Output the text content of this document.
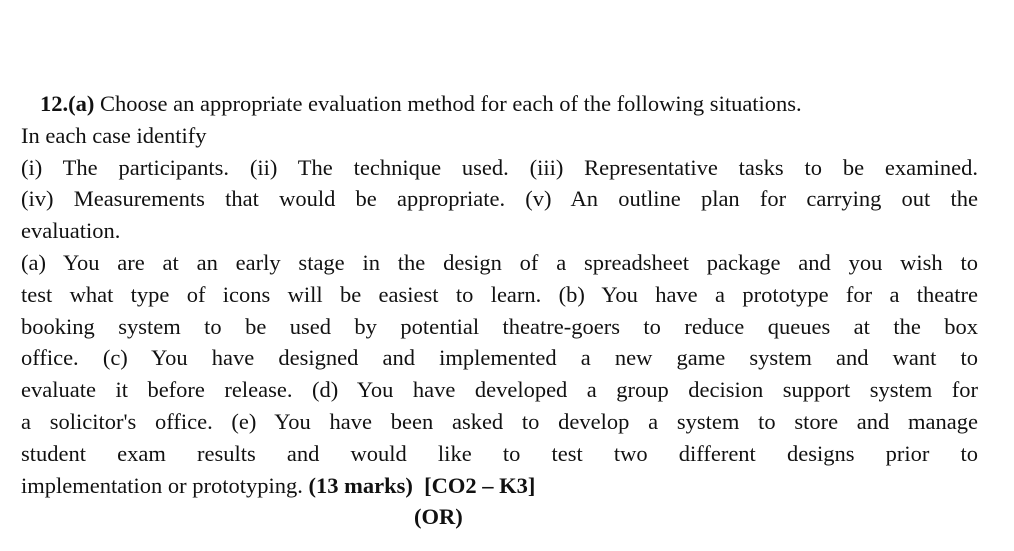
12.(a) Choose an appropriate evaluation method for each of the following situations.
In each case identify
(i) The participants. (ii) The technique used. (iii) Representative tasks to be examined.
(iv) Measurements that would be appropriate. (v) An outline plan for carrying out the
evaluation.
(a) You are at an early stage in the design of a spreadsheet package and you wish to
test what type of icons will be easiest to learn. (b) You have a prototype for a theatre
booking system to be used by potential theatre-goers to reduce queues at the box
office. (c) You have designed and implemented a new game system and want to
evaluate it before release. (d) You have developed a group decision support system for
a solicitor's office. (e) You have been asked to develop a system to store and manage
student exam results and would like to test two different designs prior to
implementation or prototyping. (13 marks) [CO2 – K3]
(OR)
